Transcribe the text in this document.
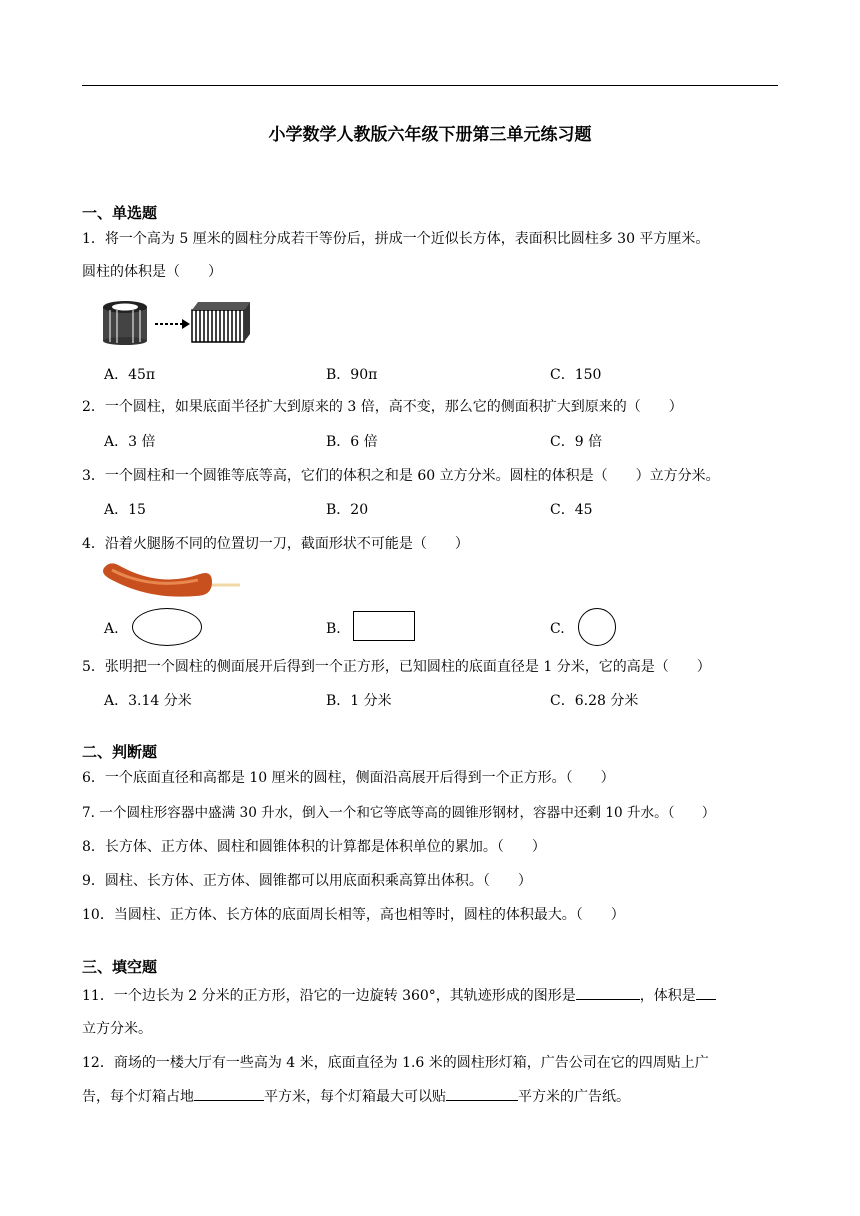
小学数学人教版六年级下册第三单元练习题
一、单选题
1．将一个高为 5 厘米的圆柱分成若干等份后，拼成一个近似长方体，表面积比圆柱多 30 平方厘米。
圆柱的体积是（　　）
A．45π	B．90π	C．150
2．一个圆柱，如果底面半径扩大到原来的 3 倍，高不变，那么它的侧面积扩大到原来的（　　）
A．3 倍	B．6 倍	C．9 倍
3．一个圆柱和一个圆锥等底等高，它们的体积之和是 60 立方分米。圆柱的体积是（　　）立方分米。
A．15	B．20	C．45
4．沿着火腿肠不同的位置切一刀，截面形状不可能是（　　）
A.	B.	C.
5．张明把一个圆柱的侧面展开后得到一个正方形，已知圆柱的底面直径是 1 分米，它的高是（　　）
A．3.14 分米	B．1 分米	C．6.28 分米
二、判断题
6．一个底面直径和高都是 10 厘米的圆柱，侧面沿高展开后得到一个正方形。（　　）
7. 一个圆柱形容器中盛满 30 升水，倒入一个和它等底等高的圆锥形钢材，容器中还剩 10 升水。（　　）
8．长方体、正方体、圆柱和圆锥体积的计算都是体积单位的累加。（　　）
9．圆柱、长方体、正方体、圆锥都可以用底面积乘高算出体积。（　　）
10．当圆柱、正方体、长方体的底面周长相等，高也相等时，圆柱的体积最大。（　　）
三、填空题
11．一个边长为 2 分米的正方形，沿它的一边旋转 360°，其轨迹形成的图形是	，体积是
立方分米。
12．商场的一楼大厅有一些高为 4 米，底面直径为 1.6 米的圆柱形灯箱，广告公司在它的四周贴上广
告，每个灯箱占地	平方米，每个灯箱最大可以贴	平方米的广告纸。
